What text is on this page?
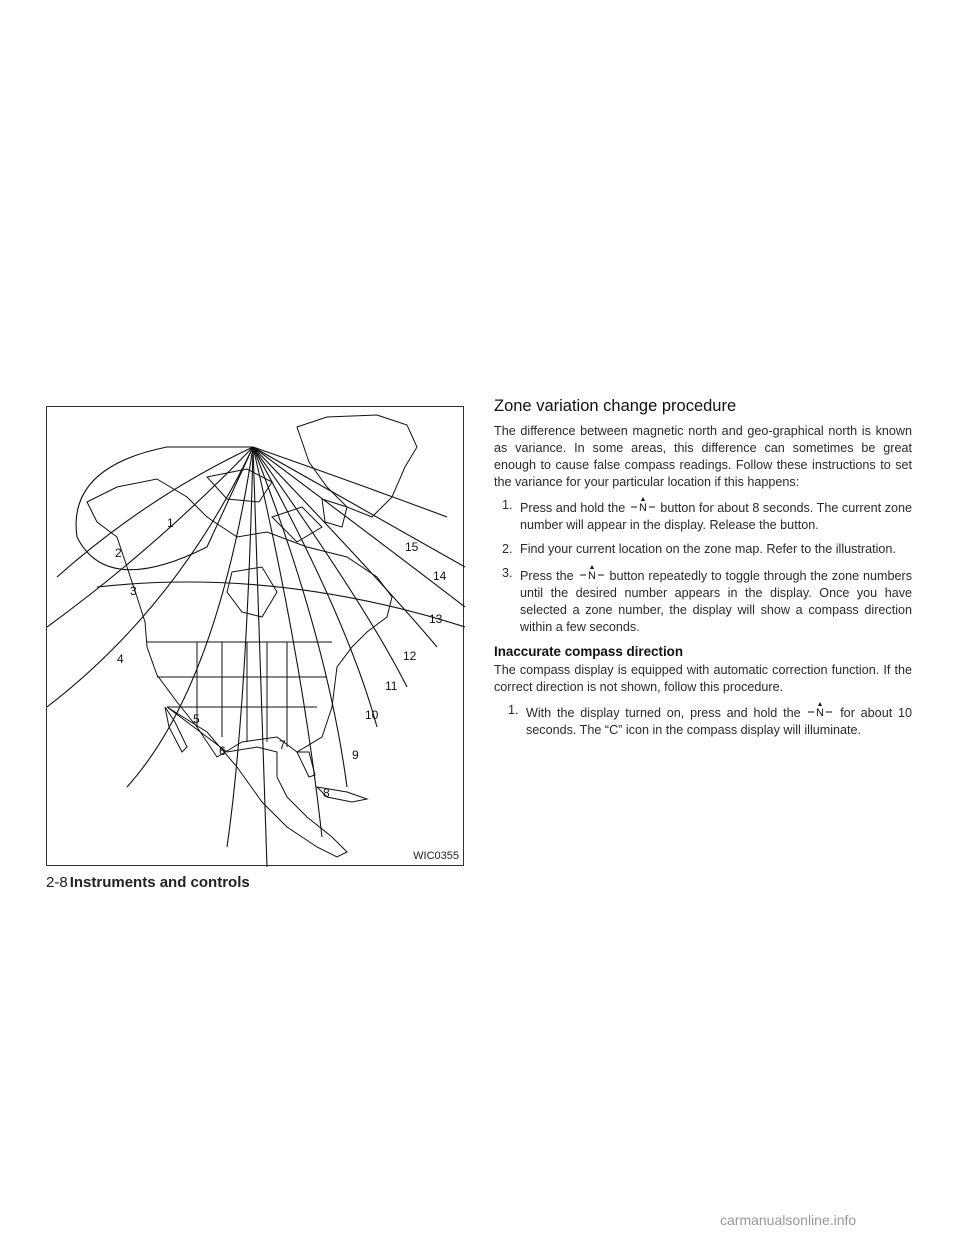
1
2
3
4
5
6	7
8
9
10
11
12
13
14
15
WIC0355
2-8 Instruments and controls
Zone variation change procedure

The difference between magnetic north and geo-graphical north is known as variance. In some areas, this difference can sometimes be great enough to cause false compass readings. Follow these instructions to set the variance for your particular location if this happens:

1. Press and hold the N button for about 8 seconds. The current zone number will appear in the display. Release the button.
2. Find your current location on the zone map. Refer to the illustration.
3. Press the N button repeatedly to toggle through the zone numbers until the desired number appears in the display. Once you have selected a zone number, the display will show a compass direction within a few seconds.
Inaccurate compass direction

The compass display is equipped with automatic correction function. If the correct direction is not shown, follow this procedure.

1. With the display turned on, press and hold the N for about 10 seconds. The “C” icon in the compass display will illuminate.
carmanualsonline.info
